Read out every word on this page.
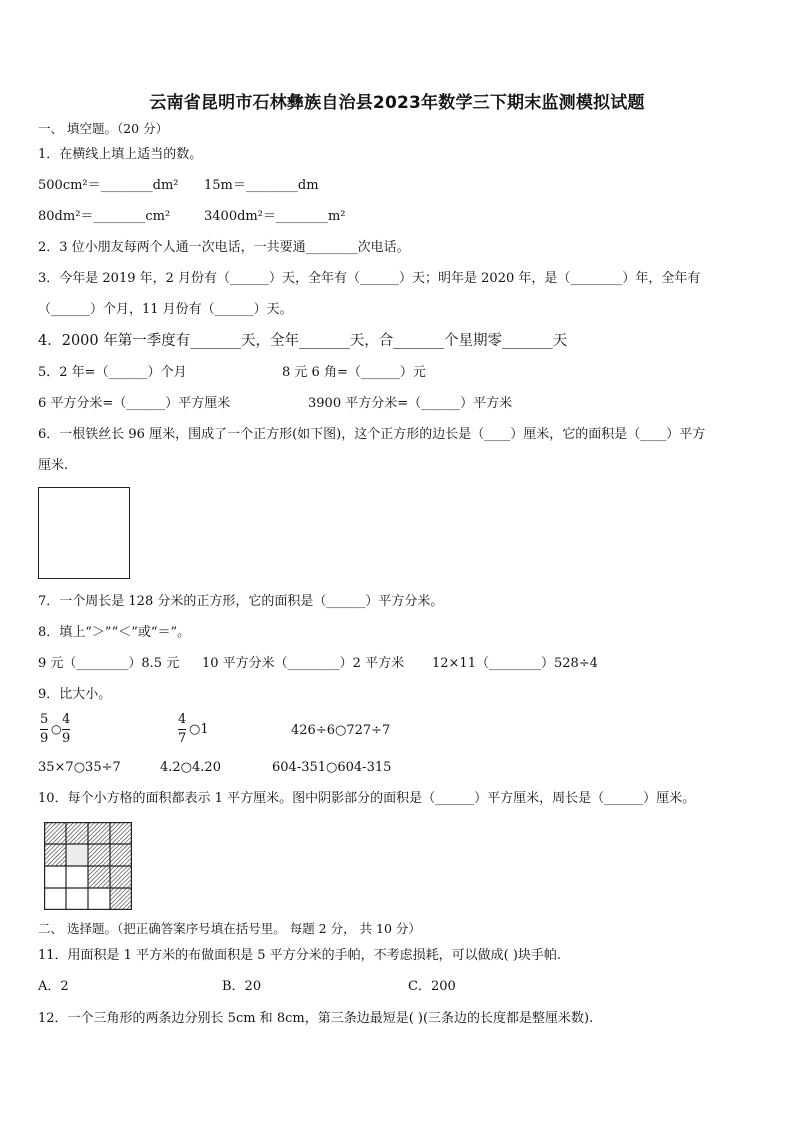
云南省昆明市石林彝族自治县2023年数学三下期末监测模拟试题
一、 填空题。（20 分）
1．在横线上填上适当的数。
500cm²＝________dm² 15m＝________dm
80dm²＝________cm²	3400dm²＝________m²
2．3 位小朋友每两个人通一次电话，一共要通________次电话。
3．今年是 2019 年，2 月份有（______）天，全年有（______）天；明年是 2020 年，是（________）年，全年有
（______）个月，11 月份有（______）天。
4．2000 年第一季度有_______天，全年_______天，合_______个星期零_______天
5．2 年=（______）个月	8 元 6 角=（______）元
6 平方分米=（______）平方厘米	3900 平方分米=（______）平方米
6．一根铁丝长 96 厘米，围成了一个正方形(如下图)，这个正方形的边长是（____）厘米，它的面积是（____）平方
厘米.
7．一个周长是 128 分米的正方形，它的面积是（______）平方分米。
8．填上“＞”“＜”或“＝”。
9 元（________）8.5 元 10 平方分米（________）2 平方米 12×11（________）528÷4
9．比大小。
5
9
○
4
9
4
7
○1	426÷6○727÷7
35×7○35÷7	4.2○4.20	604-351○604-315
10．每个小方格的面积都表示 1 平方厘米。图中阴影部分的面积是（______）平方厘米，周长是（______）厘米。
二、 选择题。（把正确答案序号填在括号里。 每题 2 分， 共 10 分）
11．用面积是 1 平方米的布做面积是 5 平方分米的手帕，不考虑损耗，可以做成( )块手帕.
A．2	B．20	C．200
12．一个三角形的两条边分别长 5cm 和 8cm，第三条边最短是( )(三条边的长度都是整厘米数).
